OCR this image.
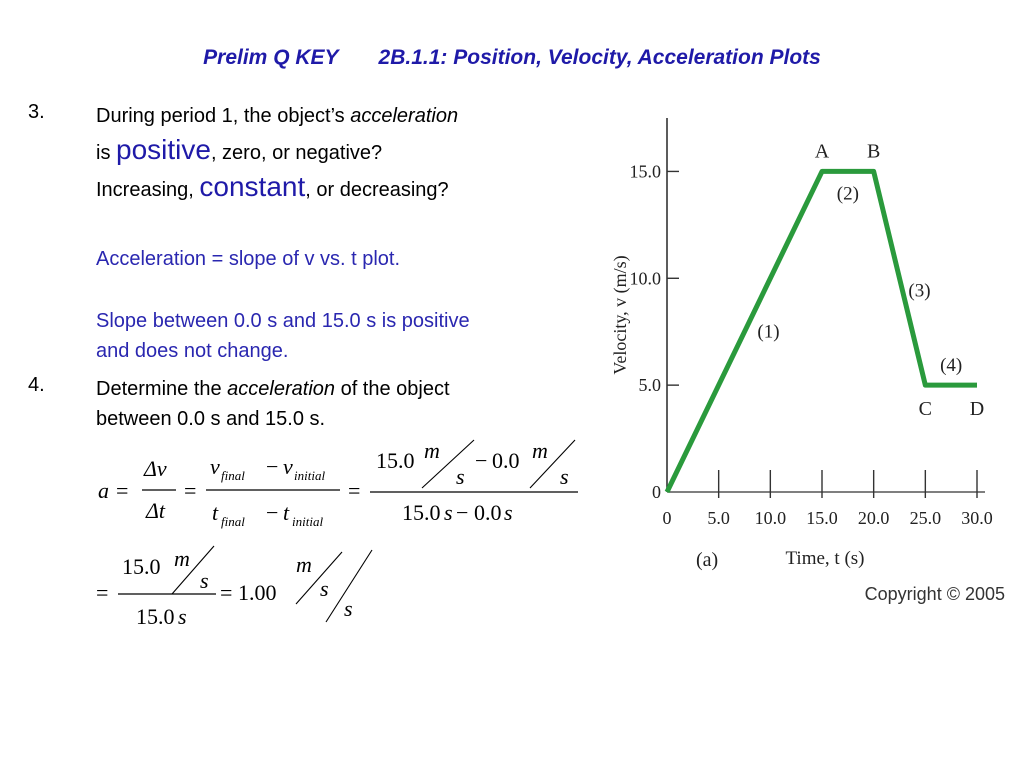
Prelim Q KEY 2B.1.1: Position, Velocity, Acceleration Plots
3.	During period 1, the object’s acceleration
is positive, zero, or negative?
Increasing, constant, or decreasing?
Acceleration = slope of v vs. t plot.
Slope between 0.0 s and 15.0 s is positive
and does not change.
4.	Determine the acceleration of the object
between 0.0 s and 15.0 s.
a =
Δv
Δt
=
v final − v initial
t final − t initial
=
15.0 m
s
− 0.0 m
s
15.0 s − 0.0 s
=
15.0 m
s
15.0 s
= 1.00
m
s
s
0 5.0 10.0 15.0 20.0 25.0 30.0
0
5.0
10.0
15.0
A B
C D
(1)
(2)
(3)
(4)
Velocity, v (m/s)
Time, t (s)
(a)
Copyright © 2005
